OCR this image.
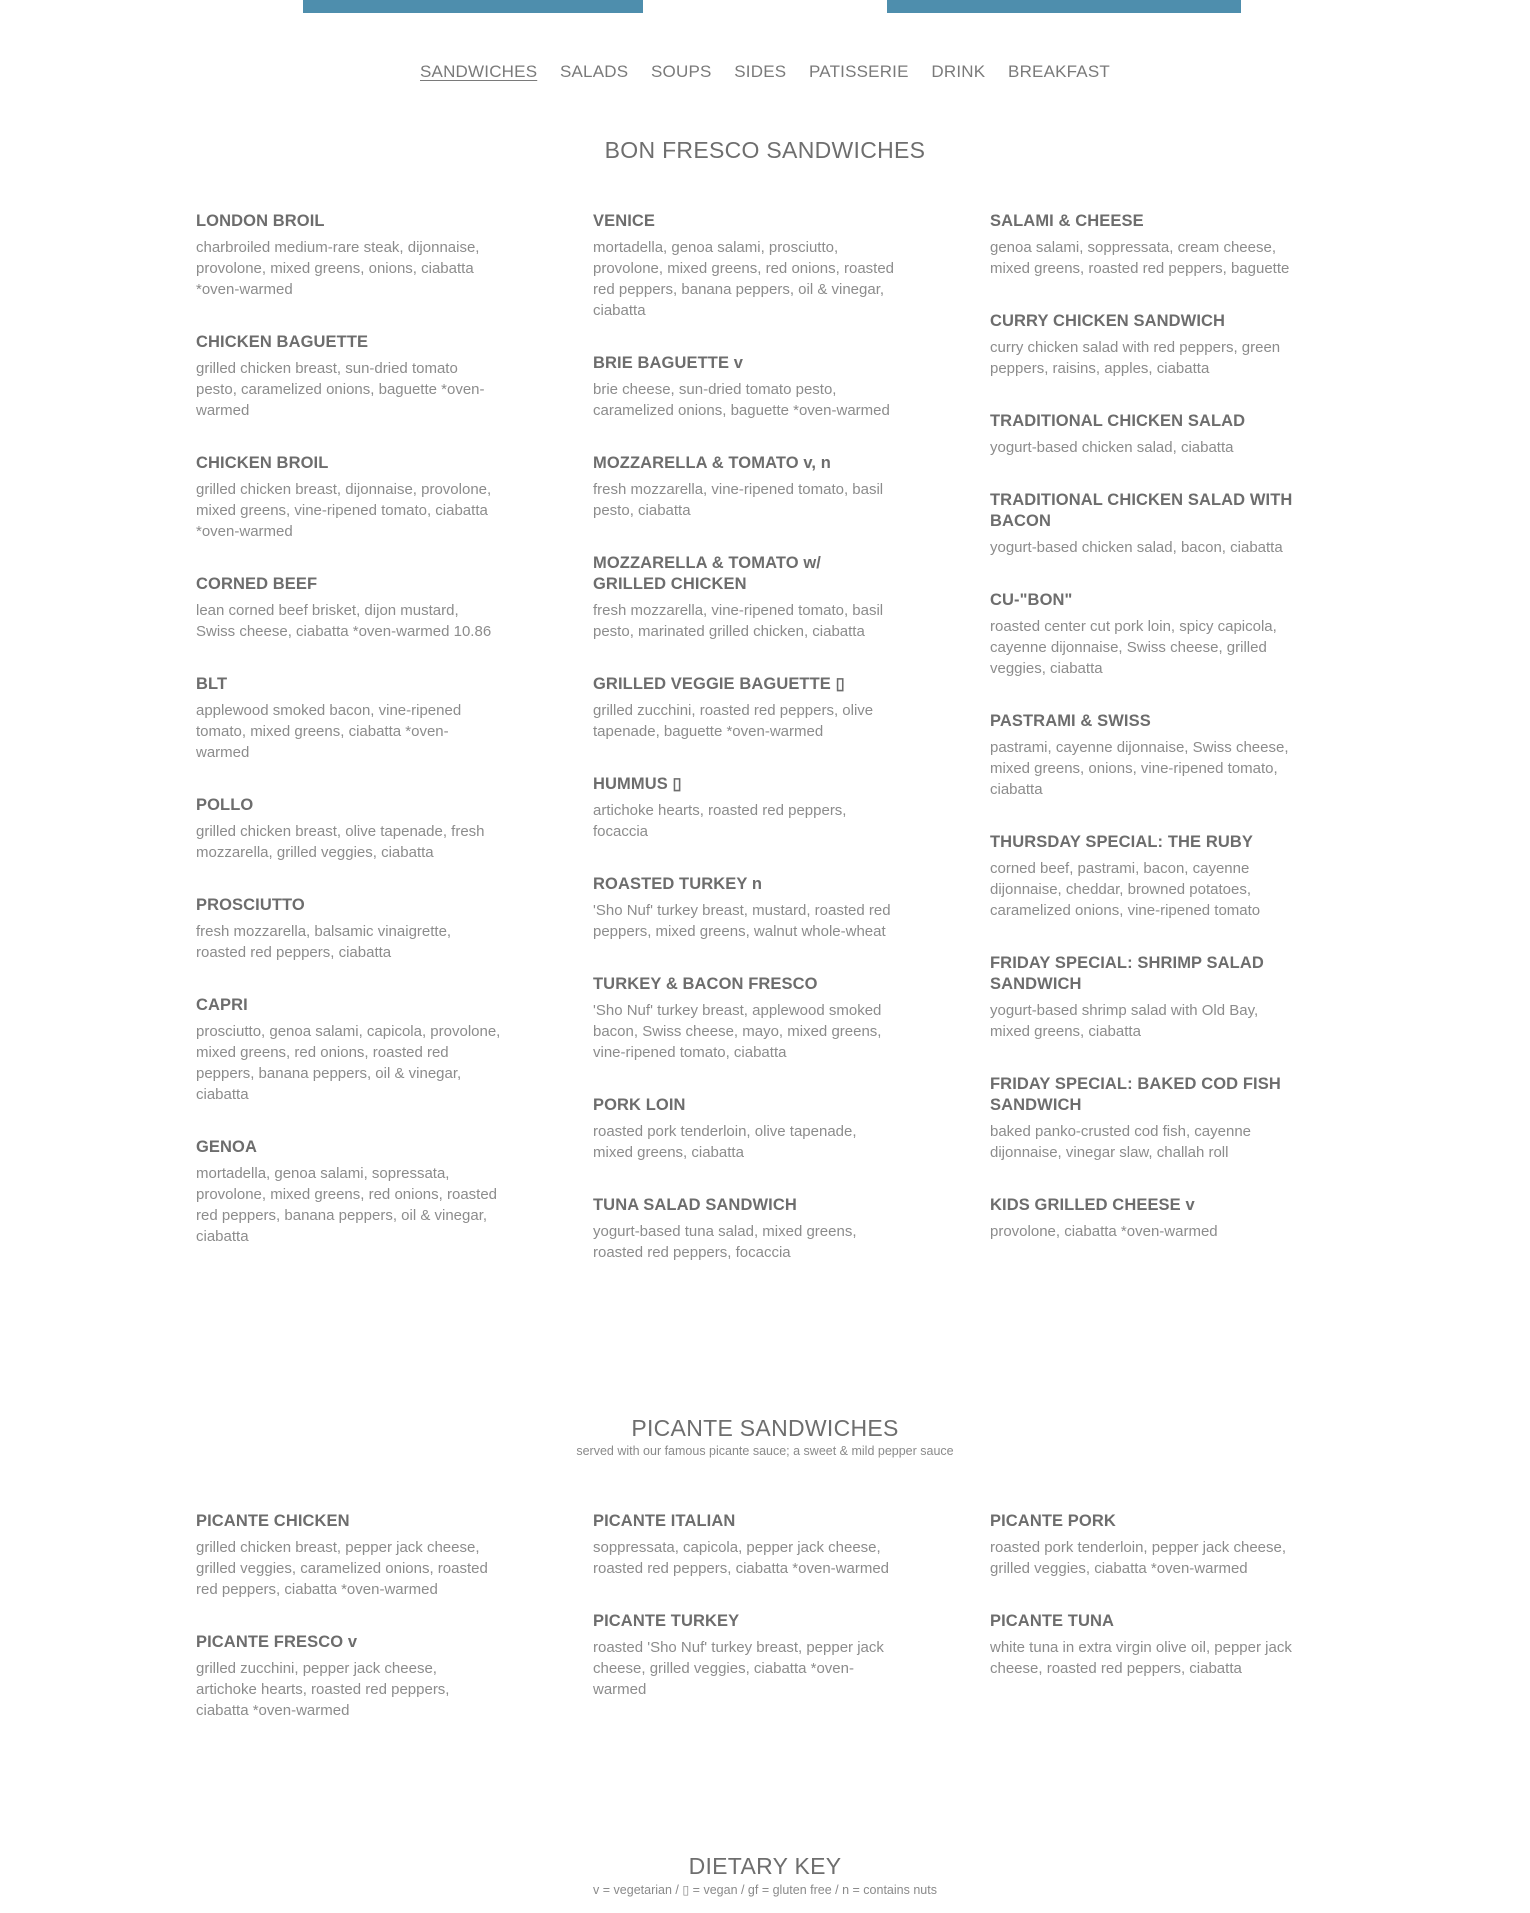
SANDWICHES SALADS SOUPS SIDES PATISSERIE DRINK BREAKFAST
BON FRESCO SANDWICHES
LONDON BROIL
charbroiled medium-rare steak, dijonnaise, provolone, mixed greens, onions, ciabatta *oven-warmed
CHICKEN BAGUETTE
grilled chicken breast, sun-dried tomato pesto, caramelized onions, baguette *oven-warmed
CHICKEN BROIL
grilled chicken breast, dijonnaise, provolone, mixed greens, vine-ripened tomato, ciabatta *oven-warmed
CORNED BEEF
lean corned beef brisket, dijon mustard, Swiss cheese, ciabatta *oven-warmed 10.86
BLT
applewood smoked bacon, vine-ripened tomato, mixed greens, ciabatta *oven-warmed
POLLO
grilled chicken breast, olive tapenade, fresh mozzarella, grilled veggies, ciabatta
PROSCIUTTO
fresh mozzarella, balsamic vinaigrette, roasted red peppers, ciabatta
CAPRI
prosciutto, genoa salami, capicola, provolone, mixed greens, red onions, roasted red peppers, banana peppers, oil & vinegar, ciabatta
GENOA
mortadella, genoa salami, sopressata, provolone, mixed greens, red onions, roasted red peppers, banana peppers, oil & vinegar, ciabatta
VENICE
mortadella, genoa salami, prosciutto, provolone, mixed greens, red onions, roasted red peppers, banana peppers, oil & vinegar, ciabatta
BRIE BAGUETTE v
brie cheese, sun-dried tomato pesto, caramelized onions, baguette *oven-warmed
MOZZARELLA & TOMATO v, n
fresh mozzarella, vine-ripened tomato, basil pesto, ciabatta
MOZZARELLA & TOMATO w/ GRILLED CHICKEN
fresh mozzarella, vine-ripened tomato, basil pesto, marinated grilled chicken, ciabatta
GRILLED VEGGIE BAGUETTE ▯
grilled zucchini, roasted red peppers, olive tapenade, baguette *oven-warmed
HUMMUS ▯
artichoke hearts, roasted red peppers, focaccia
ROASTED TURKEY n
'Sho Nuf' turkey breast, mustard, roasted red peppers, mixed greens, walnut whole-wheat
TURKEY & BACON FRESCO
'Sho Nuf' turkey breast, applewood smoked bacon, Swiss cheese, mayo, mixed greens, vine-ripened tomato, ciabatta
PORK LOIN
roasted pork tenderloin, olive tapenade, mixed greens, ciabatta
TUNA SALAD SANDWICH
yogurt-based tuna salad, mixed greens, roasted red peppers, focaccia
SALAMI & CHEESE
genoa salami, soppressata, cream cheese, mixed greens, roasted red peppers, baguette
CURRY CHICKEN SANDWICH
curry chicken salad with red peppers, green peppers, raisins, apples, ciabatta
TRADITIONAL CHICKEN SALAD
yogurt-based chicken salad, ciabatta
TRADITIONAL CHICKEN SALAD WITH BACON
yogurt-based chicken salad, bacon, ciabatta
CU-"BON"
roasted center cut pork loin, spicy capicola, cayenne dijonnaise, Swiss cheese, grilled veggies, ciabatta
PASTRAMI & SWISS
pastrami, cayenne dijonnaise, Swiss cheese, mixed greens, onions, vine-ripened tomato, ciabatta
THURSDAY SPECIAL: THE RUBY
corned beef, pastrami, bacon, cayenne dijonnaise, cheddar, browned potatoes, caramelized onions, vine-ripened tomato
FRIDAY SPECIAL: SHRIMP SALAD SANDWICH
yogurt-based shrimp salad with Old Bay, mixed greens, ciabatta
FRIDAY SPECIAL: BAKED COD FISH SANDWICH
baked panko-crusted cod fish, cayenne dijonnaise, vinegar slaw, challah roll
KIDS GRILLED CHEESE v
provolone, ciabatta *oven-warmed
PICANTE SANDWICHES
served with our famous picante sauce; a sweet & mild pepper sauce
PICANTE CHICKEN
grilled chicken breast, pepper jack cheese, grilled veggies, caramelized onions, roasted red peppers, ciabatta *oven-warmed
PICANTE FRESCO v
grilled zucchini, pepper jack cheese, artichoke hearts, roasted red peppers, ciabatta *oven-warmed
PICANTE ITALIAN
soppressata, capicola, pepper jack cheese, roasted red peppers, ciabatta *oven-warmed
PICANTE TURKEY
roasted 'Sho Nuf' turkey breast, pepper jack cheese, grilled veggies, ciabatta *oven-warmed
PICANTE PORK
roasted pork tenderloin, pepper jack cheese, grilled veggies, ciabatta *oven-warmed
PICANTE TUNA
white tuna in extra virgin olive oil, pepper jack cheese, roasted red peppers, ciabatta
DIETARY KEY
v = vegetarian / ▯ = vegan / gf = gluten free / n = contains nuts
